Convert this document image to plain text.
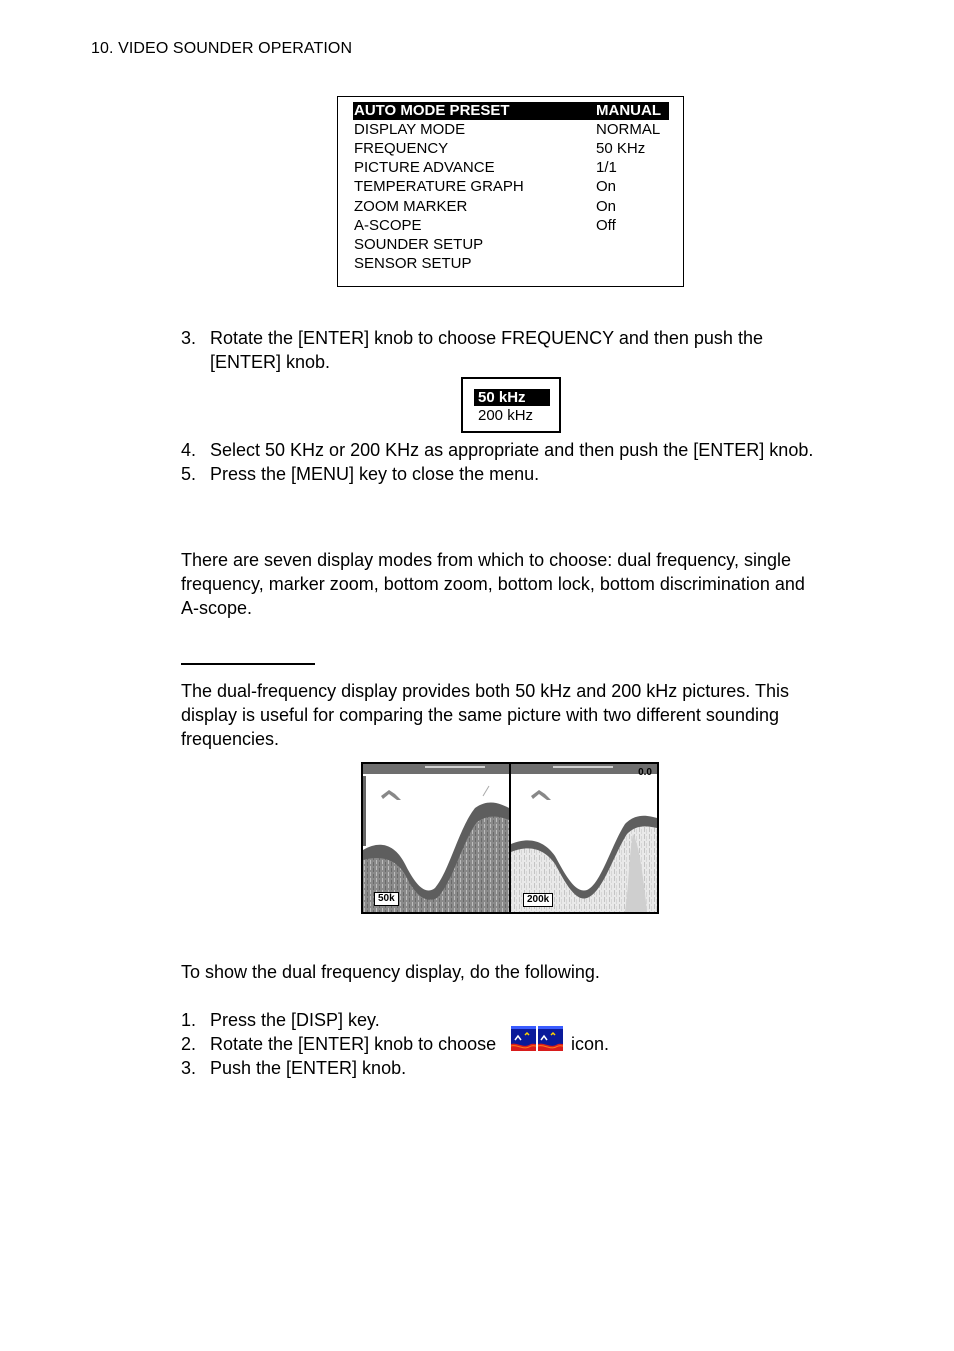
10. VIDEO SOUNDER OPERATION
AUTO MODE PRESET	MANUAL
DISPLAY MODE	NORMAL
FREQUENCY	50 KHz
PICTURE ADVANCE	1/1
TEMPERATURE GRAPH	On
ZOOM MARKER	On
A-SCOPE	Off
SOUNDER SETUP
SENSOR SETUP
3. Rotate the [ENTER] knob to choose FREQUENCY and then push the
[ENTER] knob.
50 kHz
200 kHz
4. Select 50 KHz or 200 KHz as appropriate and then push the [ENTER] knob.
5. Press the [MENU] key to close the menu.
There are seven display modes from which to choose: dual frequency, single
frequency, marker zoom, bottom zoom, bottom lock, bottom discrimination and
A-scope.
The dual-frequency display provides both 50 kHz and 200 kHz pictures. This
display is useful for comparing the same picture with two different sounding
frequencies.
50k	200k
0.0
To show the dual frequency display, do the following.
1. Press the [DISP] key.
2. Rotate the [ENTER] knob to choose	icon.
3. Push the [ENTER] knob.
